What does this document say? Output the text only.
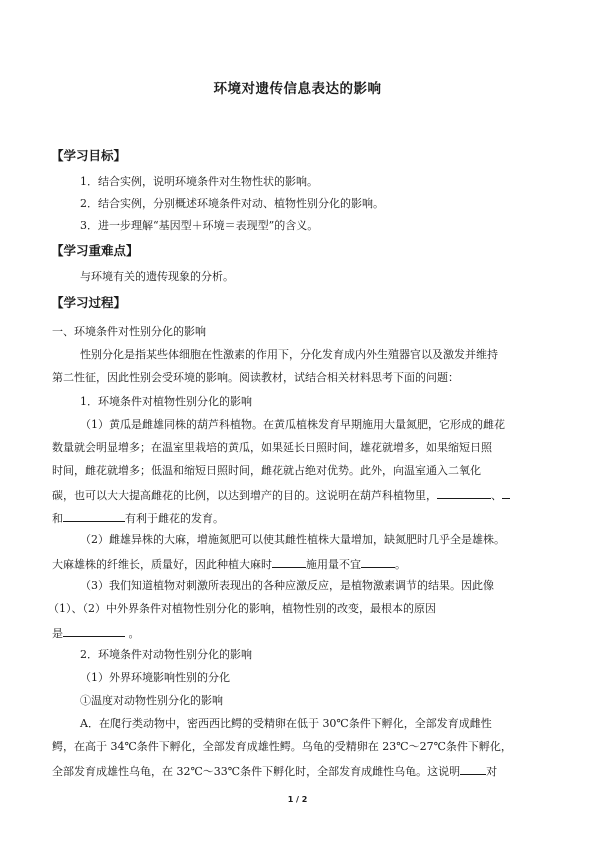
环境对遗传信息表达的影响
【学习目标】
1．结合实例，说明环境条件对生物性状的影响。
2．结合实例，分别概述环境条件对动、植物性别分化的影响。
3．进一步理解“基因型＋环境＝表现型”的含义。
【学习重难点】
与环境有关的遗传现象的分析。
【学习过程】
一、环境条件对性别分化的影响
性别分化是指某些体细胞在性激素的作用下，分化发育成内外生殖器官以及激发并维持
第二性征，因此性别会受环境的影响。阅读教材，试结合相关材料思考下面的问题：
1．环境条件对植物性别分化的影响
（1）黄瓜是雌雄同株的葫芦科植物。在黄瓜植株发育早期施用大量氮肥，它形成的雌花
数量就会明显增多；在温室里栽培的黄瓜，如果延长日照时间，雄花就增多，如果缩短日照
时间，雌花就增多；低温和缩短日照时间，雌花就占绝对优势。此外，向温室通入二氧化
碳，也可以大大提高雌花的比例，以达到增产的目的。这说明在葫芦科植物里，	、
和	有利于雌花的发育。
（2）雌雄异株的大麻，增施氮肥可以使其雌性植株大量增加，缺氮肥时几乎全是雄株。
大麻雄株的纤维长，质量好，因此种植大麻时	施用量不宜	。
（3）我们知道植物对刺激所表现出的各种应激反应，是植物激素调节的结果。因此像
（1）、（2）中外界条件对植物性别分化的影响，植物性别的改变，最根本的原因
是	。
2．环境条件对动物性别分化的影响
（1）外界环境影响性别的分化
①温度对动物性别分化的影响
A．在爬行类动物中，密西西比鳄的受精卵在低于 30℃条件下孵化，全部发育成雌性
鳄，在高于 34℃条件下孵化，全部发育成雄性鳄。乌龟的受精卵在 23℃～27℃条件下孵化，
全部发育成雄性乌龟，在 32℃～33℃条件下孵化时，全部发育成雌性乌龟。这说明 对
1 / 2
